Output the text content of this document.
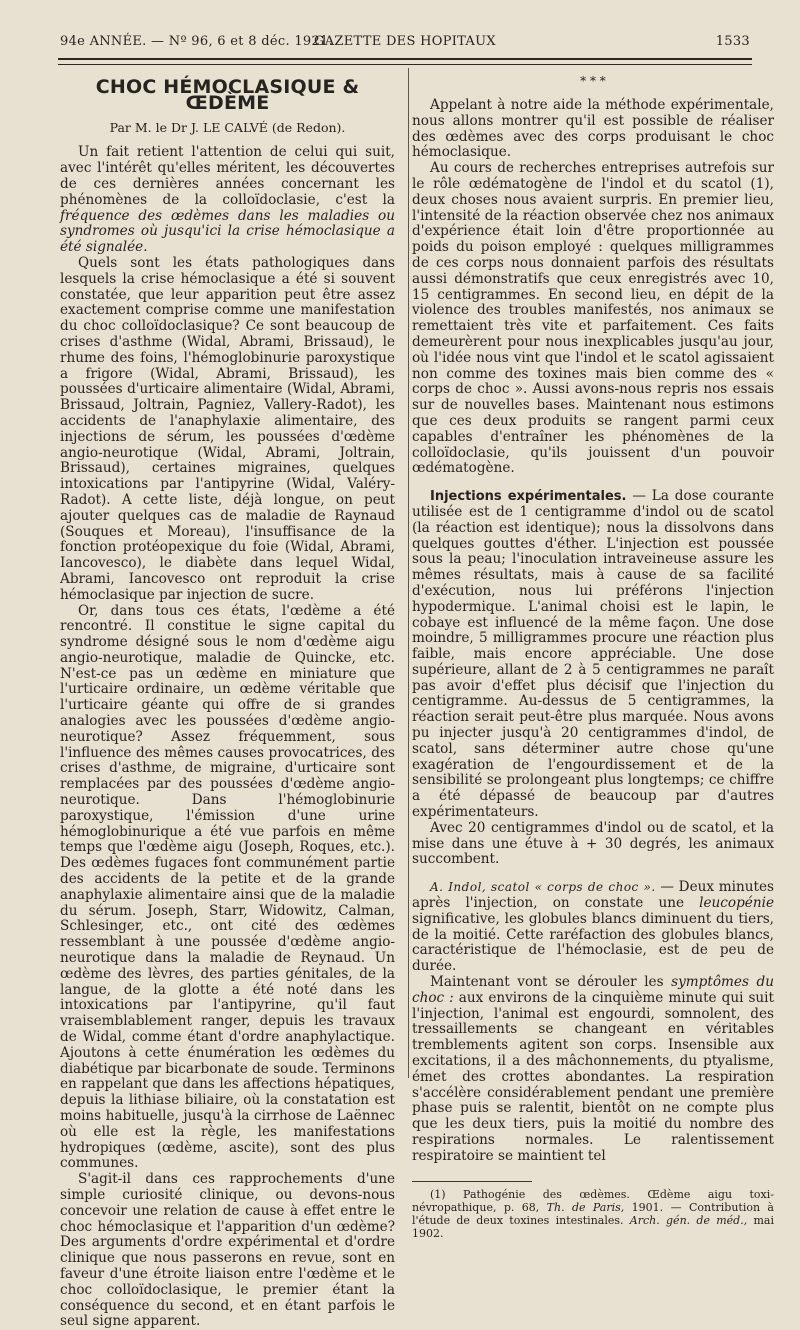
94e ANNÉE. — Nº 96, 6 et 8 déc. 1921.
GAZETTE DES HOPITAUX	1533
CHOC HÉMOCLASIQUE & ŒDÈME
Par M. le Dr J. LE CALVÉ (de Redon).

Un fait retient l'attention de celui qui suit, avec l'intérêt qu'elles méritent, les découvertes de ces dernières années concernant les phénomènes de la colloïdoclasie, c'est la fréquence des œdèmes dans les maladies ou syndromes où jusqu'ici la crise hémoclasique a été signalée.

Quels sont les états pathologiques dans lesquels la crise hémoclasique a été si souvent constatée, que leur apparition peut être assez exactement comprise comme une manifestation du choc colloïdoclasique? Ce sont beaucoup de crises d'asthme (Widal, Abrami, Brissaud), le rhume des foins, l'hémoglobinurie paroxystique a frigore (Widal, Abrami, Brissaud), les poussées d'urticaire alimentaire (Widal, Abrami, Brissaud, Joltrain, Pagniez, Vallery-Radot), les accidents de l'anaphylaxie alimentaire, des injections de sérum, les poussées d'œdème angio-neurotique (Widal, Abrami, Joltrain, Brissaud), certaines migraines, quelques intoxications par l'antipyrine (Widal, Valéry-Radot). A cette liste, déjà longue, on peut ajouter quelques cas de maladie de Raynaud (Souques et Moreau), l'insuffisance de la fonction protéopexique du foie (Widal, Abrami, Iancovesco), le diabète dans lequel Widal, Abrami, Iancovesco ont reproduit la crise hémoclasique par injection de sucre.

Or, dans tous ces états, l'œdème a été rencontré. Il constitue le signe capital du syndrome désigné sous le nom d'œdème aigu angio-neurotique, maladie de Quincke, etc. N'est-ce pas un œdème en miniature que l'urticaire ordinaire, un œdème véritable que l'urticaire géante qui offre de si grandes analogies avec les poussées d'œdème angio-neurotique? Assez fréquemment, sous l'influence des mêmes causes provocatrices, des crises d'asthme, de migraine, d'urticaire sont remplacées par des poussées d'œdème angio-neurotique. Dans l'hémoglobinurie paroxystique, l'émission d'une urine hémoglobinurique a été vue parfois en même temps que l'œdème aigu (Joseph, Roques, etc.). Des œdèmes fugaces font communément partie des accidents de la petite et de la grande anaphylaxie alimentaire ainsi que de la maladie du sérum. Joseph, Starr, Widowitz, Calman, Schlesinger, etc., ont cité des œdèmes ressemblant à une poussée d'œdème angio-neurotique dans la maladie de Reynaud. Un œdème des lèvres, des parties génitales, de la langue, de la glotte a été noté dans les intoxications par l'antipyrine, qu'il faut vraisemblablement ranger, depuis les travaux de Widal, comme étant d'ordre anaphylactique. Ajoutons à cette énumération les œdèmes du diabétique par bicarbonate de soude. Terminons en rappelant que dans les affections hépatiques, depuis la lithiase biliaire, où la constatation est moins habituelle, jusqu'à la cirrhose de Laënnec où elle est la règle, les manifestations hydropiques (œdème, ascite), sont des plus communes.

S'agit-il dans ces rapprochements d'une simple curiosité clinique, ou devons-nous concevoir une relation de cause à effet entre le choc hémoclasique et l'apparition d'un œdème? Des arguments d'ordre expérimental et d'ordre clinique que nous passerons en revue, sont en faveur d'une étroite liaison entre l'œdème et le choc colloïdoclasique, le premier étant la conséquence du second, et en étant parfois le seul signe apparent.

* * *

Appelant à notre aide la méthode expérimentale, nous allons montrer qu'il est possible de réaliser des œdèmes avec des corps produisant le choc hémoclasique.

Au cours de recherches entreprises autrefois sur le rôle œdématogène de l'indol et du scatol (1), deux choses nous avaient surpris. En premier lieu, l'intensité de la réaction observée chez nos animaux d'expérience était loin d'être proportionnée au poids du poison employé : quelques milligrammes de ces corps nous donnaient parfois des résultats aussi démonstratifs que ceux enregistrés avec 10, 15 centigrammes. En second lieu, en dépit de la violence des troubles manifestés, nos animaux se remettaient très vite et parfaitement. Ces faits demeurèrent pour nous inexplicables jusqu'au jour, où l'idée nous vint que l'indol et le scatol agissaient non comme des toxines mais bien comme des « corps de choc ». Aussi avons-nous repris nos essais sur de nouvelles bases. Maintenant nous estimons que ces deux produits se rangent parmi ceux capables d'entraîner les phénomènes de la colloïdoclasie, qu'ils jouissent d'un pouvoir œdématogène.

Injections expérimentales. — La dose courante utilisée est de 1 centigramme d'indol ou de scatol (la réaction est identique); nous la dissolvons dans quelques gouttes d'éther. L'injection est poussée sous la peau; l'inoculation intraveineuse assure les mêmes résultats, mais à cause de sa facilité d'exécution, nous lui préférons l'injection hypodermique. L'animal choisi est le lapin, le cobaye est influencé de la même façon. Une dose moindre, 5 milligrammes procure une réaction plus faible, mais encore appréciable. Une dose supérieure, allant de 2 à 5 centigrammes ne paraît pas avoir d'effet plus décisif que l'injection du centigramme. Au-dessus de 5 centigrammes, la réaction serait peut-être plus marquée. Nous avons pu injecter jusqu'à 20 centigrammes d'indol, de scatol, sans déterminer autre chose qu'une exagération de l'engourdissement et de la sensibilité se prolongeant plus longtemps; ce chiffre a été dépassé de beaucoup par d'autres expérimentateurs.

Avec 20 centigrammes d'indol ou de scatol, et la mise dans une étuve à + 30 degrés, les animaux succombent.

A. Indol, scatol « corps de choc ». — Deux minutes après l'injection, on constate une leucopénie significative, les globules blancs diminuent du tiers, de la moitié. Cette raréfaction des globules blancs, caractéristique de l'hémoclasie, est de peu de durée.

Maintenant vont se dérouler les symptômes du choc : aux environs de la cinquième minute qui suit l'injection, l'animal est engourdi, somnolent, des tressaillements se changeant en véritables tremblements agitent son corps. Insensible aux excitations, il a des mâchonnements, du ptyalisme, émet des crottes abondantes. La respiration s'accélère considérablement pendant une première phase puis se ralentit, bientôt on ne compte plus que les deux tiers, puis la moitié du nombre des respirations normales. Le ralentissement respiratoire se maintient tel

(1) Pathogénie des œdèmes. Œdème aigu toxi-névropathique, p. 68, Th. de Paris, 1901. — Contribution à l'étude de deux toxines intestinales. Arch. gén. de méd., mai 1902.
